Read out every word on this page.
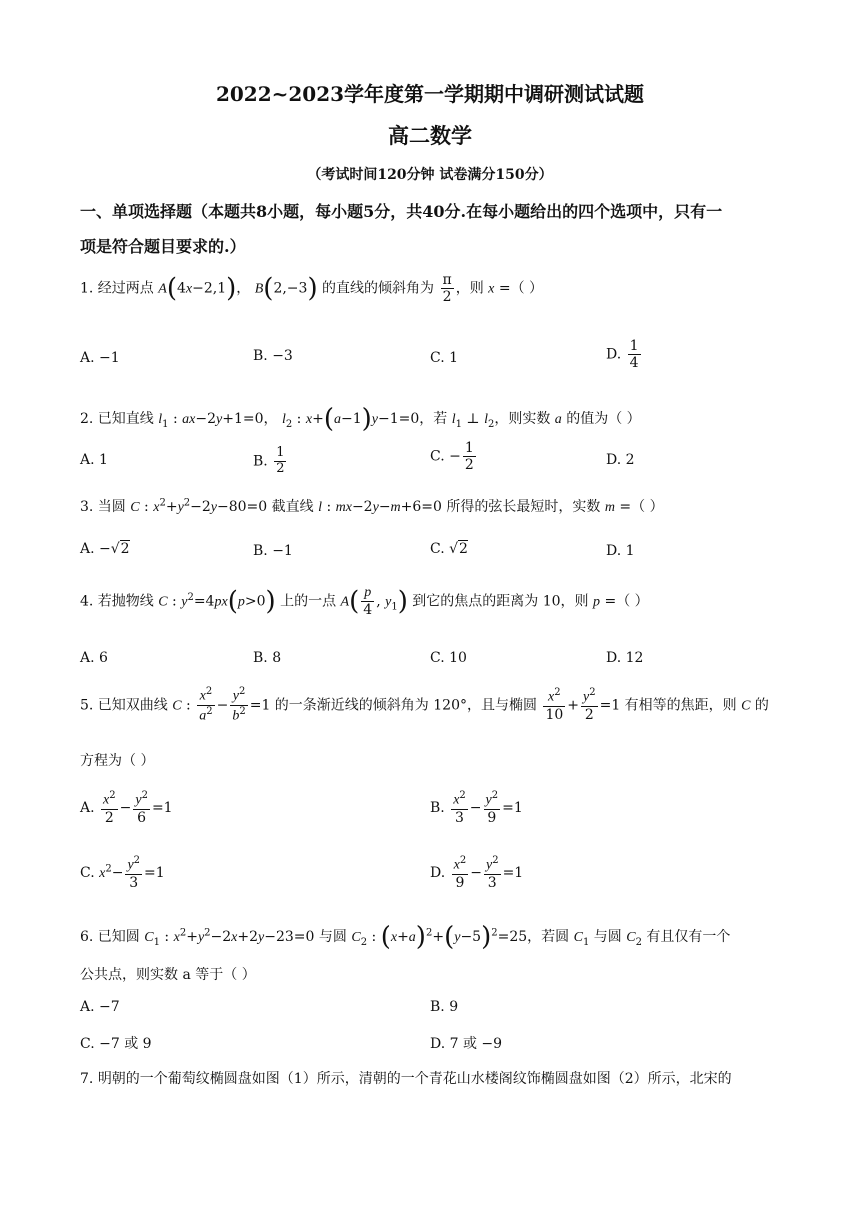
2022~2023学年度第一学期期中调研测试试题
高二数学
（考试时间120分钟 试卷满分150分）
一、单项选择题（本题共8小题，每小题5分，共40分.在每小题给出的四个选项中，只有一
项是符合题目要求的.）
1. 经过两点 A(4x−2,1)， B(2,−3) 的直线的倾斜角为 $\frac{\pi}{2}$ ，则 x =（ ）
A. −1	B. −3	C. 1	D. $\frac{1}{4}$
2. 已知直线 $l_1$ : ax−2y+1=0， $l_2$ : x+(a−1)y−1=0，若 $l_1$ ⊥ $l_2$，则实数 a 的值为（ ）
A. 1	B. $\frac{1}{2}$	C. − $\frac{1}{2}$	D. 2
3. 当圆 C : $x^2+y^2-2y-80=0$ 截直线 l : mx−2y−m+6=0 所得的弦长最短时，实数 m =（ ）
A. −√2	B. −1	C. √2	D. 1
4. 若抛物线 C : $y^2=4px(p>0)$ 上的一点 $A( \frac{p}{4}$ , $y_1$) 到它的焦点的距离为 10，则 p =（ ）
A. 6	B. 8	C. 10	D. 12
5. 已知双曲线 C : $\frac{x^2}{a^2} - \frac{y^2}{b^2} =1$ 的一条渐近线的倾斜角为 120°，且与椭圆 $\frac{x^2}{10} + \frac{y^2}{2} =1$ 有相等的焦距，则 C 的
方程为（ ）
A. $\frac{x^2}{2} - \frac{y^2}{6} =1$	B. $\frac{x^2}{3} - \frac{y^2}{9} =1$
C. $x^2- \frac{y^2}{3} =1$	D. $\frac{x^2}{9} - \frac{y^2}{3} =1$
6. 已知圆 $C_1$ : $x^2+y^2-2x+2y-23=0$ 与圆 $C_2$ : $(x+a)^2+(y-5)^2=25$，若圆 $C_1$ 与圆 $C_2$ 有且仅有一个
公共点，则实数 a 等于（ ）
A. −7	B. 9
C. −7 或 9	D. 7 或 −9
7. 明朝的一个葡萄纹椭圆盘如图（1）所示，清朝的一个青花山水楼阁纹饰椭圆盘如图（2）所示，北宋的
